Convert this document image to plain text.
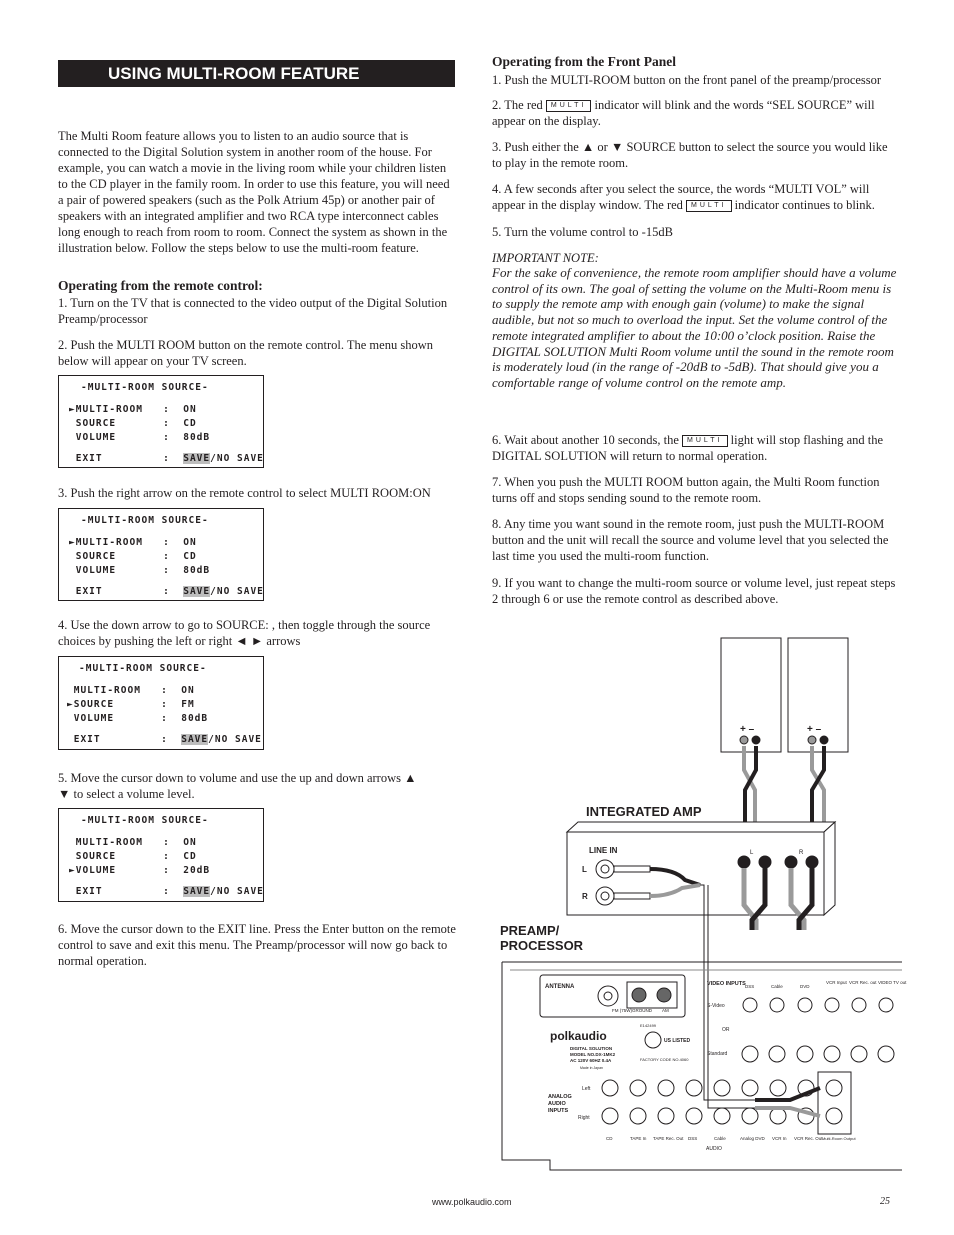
USING MULTI-ROOM FEATURE

The Multi Room feature allows you to listen to an audio source that is connected to the Digital Solution system in another room of the house. For example, you can watch a movie in the living room while your children listen to the CD player in the family room. In order to use this feature, you will need a pair of powered speakers (such as the Polk Atrium 45p) or another pair of speakers with an integrated amplifier and two RCA type interconnect cables long enough to reach from room to room. Connect the system as shown in the illustration below. Follow the steps below to use the multi-room feature.

Operating from the remote control:

1. Turn on the TV that is connected to the video output of the Digital Solution Preamp/processor

2. Push the MULTI ROOM button on the remote control. The menu shown below will appear on your TV screen.

-MULTI-ROOM SOURCE-
►MULTI-ROOM   :  ON
SOURCE       :  CD
VOLUME       :  80dB
EXIT         :  SAVE/NO SAVE

3. Push the right arrow on the remote control to select MULTI ROOM:ON

-MULTI-ROOM SOURCE-
►MULTI-ROOM   :  ON
SOURCE       :  CD
VOLUME       :  80dB
EXIT         :  SAVE/NO SAVE

4. Use the down arrow to go to SOURCE: , then toggle through the source choices by pushing the left or right ◄ ► arrows

-MULTI-ROOM SOURCE-
MULTI-ROOM   :  ON
►SOURCE       :  FM
VOLUME       :  80dB
EXIT         :  SAVE/NO SAVE

5. Move the cursor down to volume and use the up and down arrows ▲ ▼ to select a volume level.

-MULTI-ROOM SOURCE-
MULTI-ROOM   :  ON
SOURCE       :  CD
►VOLUME       :  20dB
EXIT         :  SAVE/NO SAVE

6. Move the cursor down to the EXIT line. Press the Enter button on the remote control to save and exit this menu. The Preamp/processor will now go back to normal operation.

Operating from the Front Panel

1. Push the MULTI-ROOM button on the front panel of the preamp/processor

2. The red MULTI indicator will blink and the words “SEL SOURCE” will appear on the display.

3. Push either the ▲ or ▼ SOURCE button to select the source you would like to play in the remote room.

4. A few seconds after you select the source, the words “MULTI VOL” will appear in the display window. The red MULTI indicator continues to blink.

5. Turn the volume control to -15dB

IMPORTANT NOTE:

For the sake of convenience, the remote room amplifier should have a volume control of its own. The goal of setting the volume on the Multi-Room menu is to supply the remote amp with enough gain (volume) to make the signal audible, but not so much to overload the input. Set the volume control of the remote integrated amplifier to about the 10:00 o’clock position. Raise the DIGITAL SOLUTION Multi Room volume until the sound in the remote room is moderately loud (in the range of -20dB to -5dB). That should give you a comfortable range of volume control on the remote amp.

6. Wait about another 10 seconds, the MULTI light will stop flashing and the DIGITAL SOLUTION will return to normal operation.

7. When you push the MULTI ROOM button again, the Multi Room function turns off and stops sending sound to the remote room.

8. Any time you want sound in the remote room, just push the MULTI-ROOM button and the unit will recall the source and volume level that you selected the last time you used the multi-room function.

9. If you want to change the multi-room source or volume level, just repeat steps 2 through 6 or use the remote control as described above.

+ –	+ –
INTEGRATED AMP
LINE IN
L
R
L	R
PREAMP/
PROCESSOR
ANTENNA
FM (75W) GROUND AM
polkaudio
DIGITAL SOLUTION
MODEL NO.DX-1MK2
AC 120V 60HZ 0.4A
Made in Japan
E142499
US LISTED
FACTORY CODE NO.4060
VIDEO INPUTS
S-Video
OR
Standard
DSS	Cable	DVD
VCR Input VCR Rec. out VIDEO TV out
ANALOG
AUDIO
INPUTS
Left
Right
CD	TAPE In TAPE Rec. Out DSS	Cable	Analog DVD VCR In VCR Rec. Out Multi-Room Output
AUDIO
www.polkaudio.com	25
